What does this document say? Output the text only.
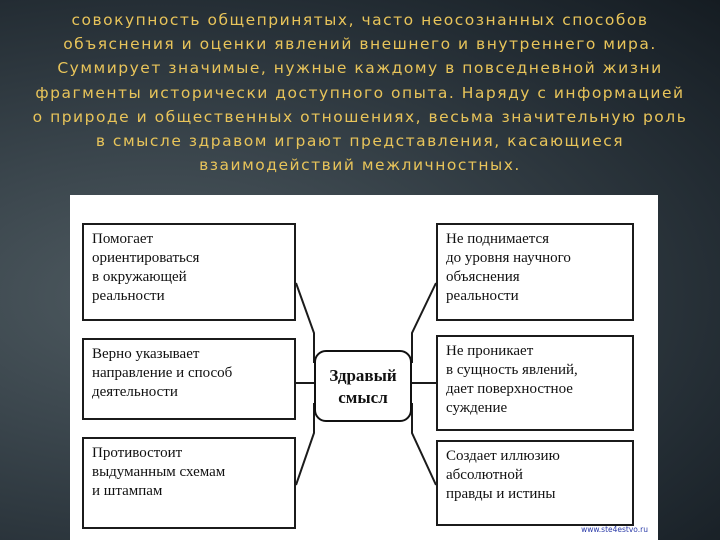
совокупность общепринятых, часто неосознанных способов
объяснения и оценки явлений внешнего и внутреннего мира.
Суммирует значимые, нужные каждому в повседневной жизни
фрагменты исторически доступного опыта. Наряду с информацией
о природе и общественных отношениях, весьма значительную роль
в смысле здравом играют представления, касающиеся
взаимодействий межличностных.
Помогает
ориентироваться
в окружающей
реальности
Верно указывает
направление и способ
деятельности
Противостоит
выдуманным схемам
и штампам
Здравый
смысл
Не поднимается
до уровня научного
объяснения
реальности
Не проникает
в сущность явлений,
дает поверхностное
суждение
Создает иллюзию
абсолютной
правды и истины
www.ste4estvo.ru
